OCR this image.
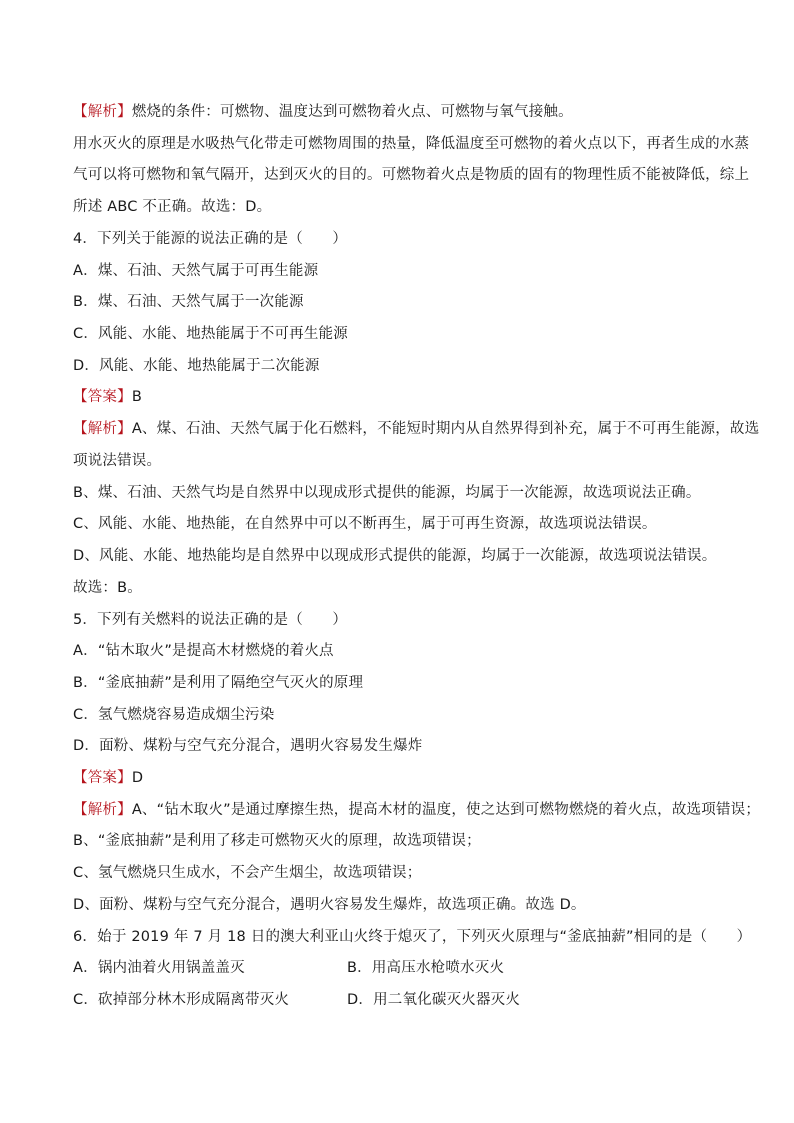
【解析】燃烧的条件：可燃物、温度达到可燃物着火点、可燃物与氧气接触。
用水灭火的原理是水吸热气化带走可燃物周围的热量，降低温度至可燃物的着火点以下，再者生成的水蒸
气可以将可燃物和氧气隔开，达到灭火的目的。可燃物着火点是物质的固有的物理性质不能被降低，综上
所述 ABC 不正确。故选：D。
4．下列关于能源的说法正确的是（　　）
A．煤、石油、天然气属于可再生能源
B．煤、石油、天然气属于一次能源
C．风能、水能、地热能属于不可再生能源
D．风能、水能、地热能属于二次能源
【答案】B
【解析】A、煤、石油、天然气属于化石燃料，不能短时期内从自然界得到补充，属于不可再生能源，故选
项说法错误。
B、煤、石油、天然气均是自然界中以现成形式提供的能源，均属于一次能源，故选项说法正确。
C、风能、水能、地热能，在自然界中可以不断再生，属于可再生资源，故选项说法错误。
D、风能、水能、地热能均是自然界中以现成形式提供的能源，均属于一次能源，故选项说法错误。
故选：B。
5．下列有关燃料的说法正确的是（　　）
A．“钻木取火”是提高木材燃烧的着火点
B．“釜底抽薪”是利用了隔绝空气灭火的原理
C．氢气燃烧容易造成烟尘污染
D．面粉、煤粉与空气充分混合，遇明火容易发生爆炸
【答案】D
【解析】A、“钻木取火”是通过摩擦生热，提高木材的温度，使之达到可燃物燃烧的着火点，故选项错误；
B、“釜底抽薪”是利用了移走可燃物灭火的原理，故选项错误；
C、氢气燃烧只生成水，不会产生烟尘，故选项错误；
D、面粉、煤粉与空气充分混合，遇明火容易发生爆炸，故选项正确。故选 D。
6．始于 2019 年 7 月 18 日的澳大利亚山火终于熄灭了，下列灭火原理与“釜底抽薪”相同的是（　　）
A．锅内油着火用锅盖盖灭	B．用高压水枪喷水灭火
C．砍掉部分林木形成隔离带灭火	D．用二氧化碳灭火器灭火
